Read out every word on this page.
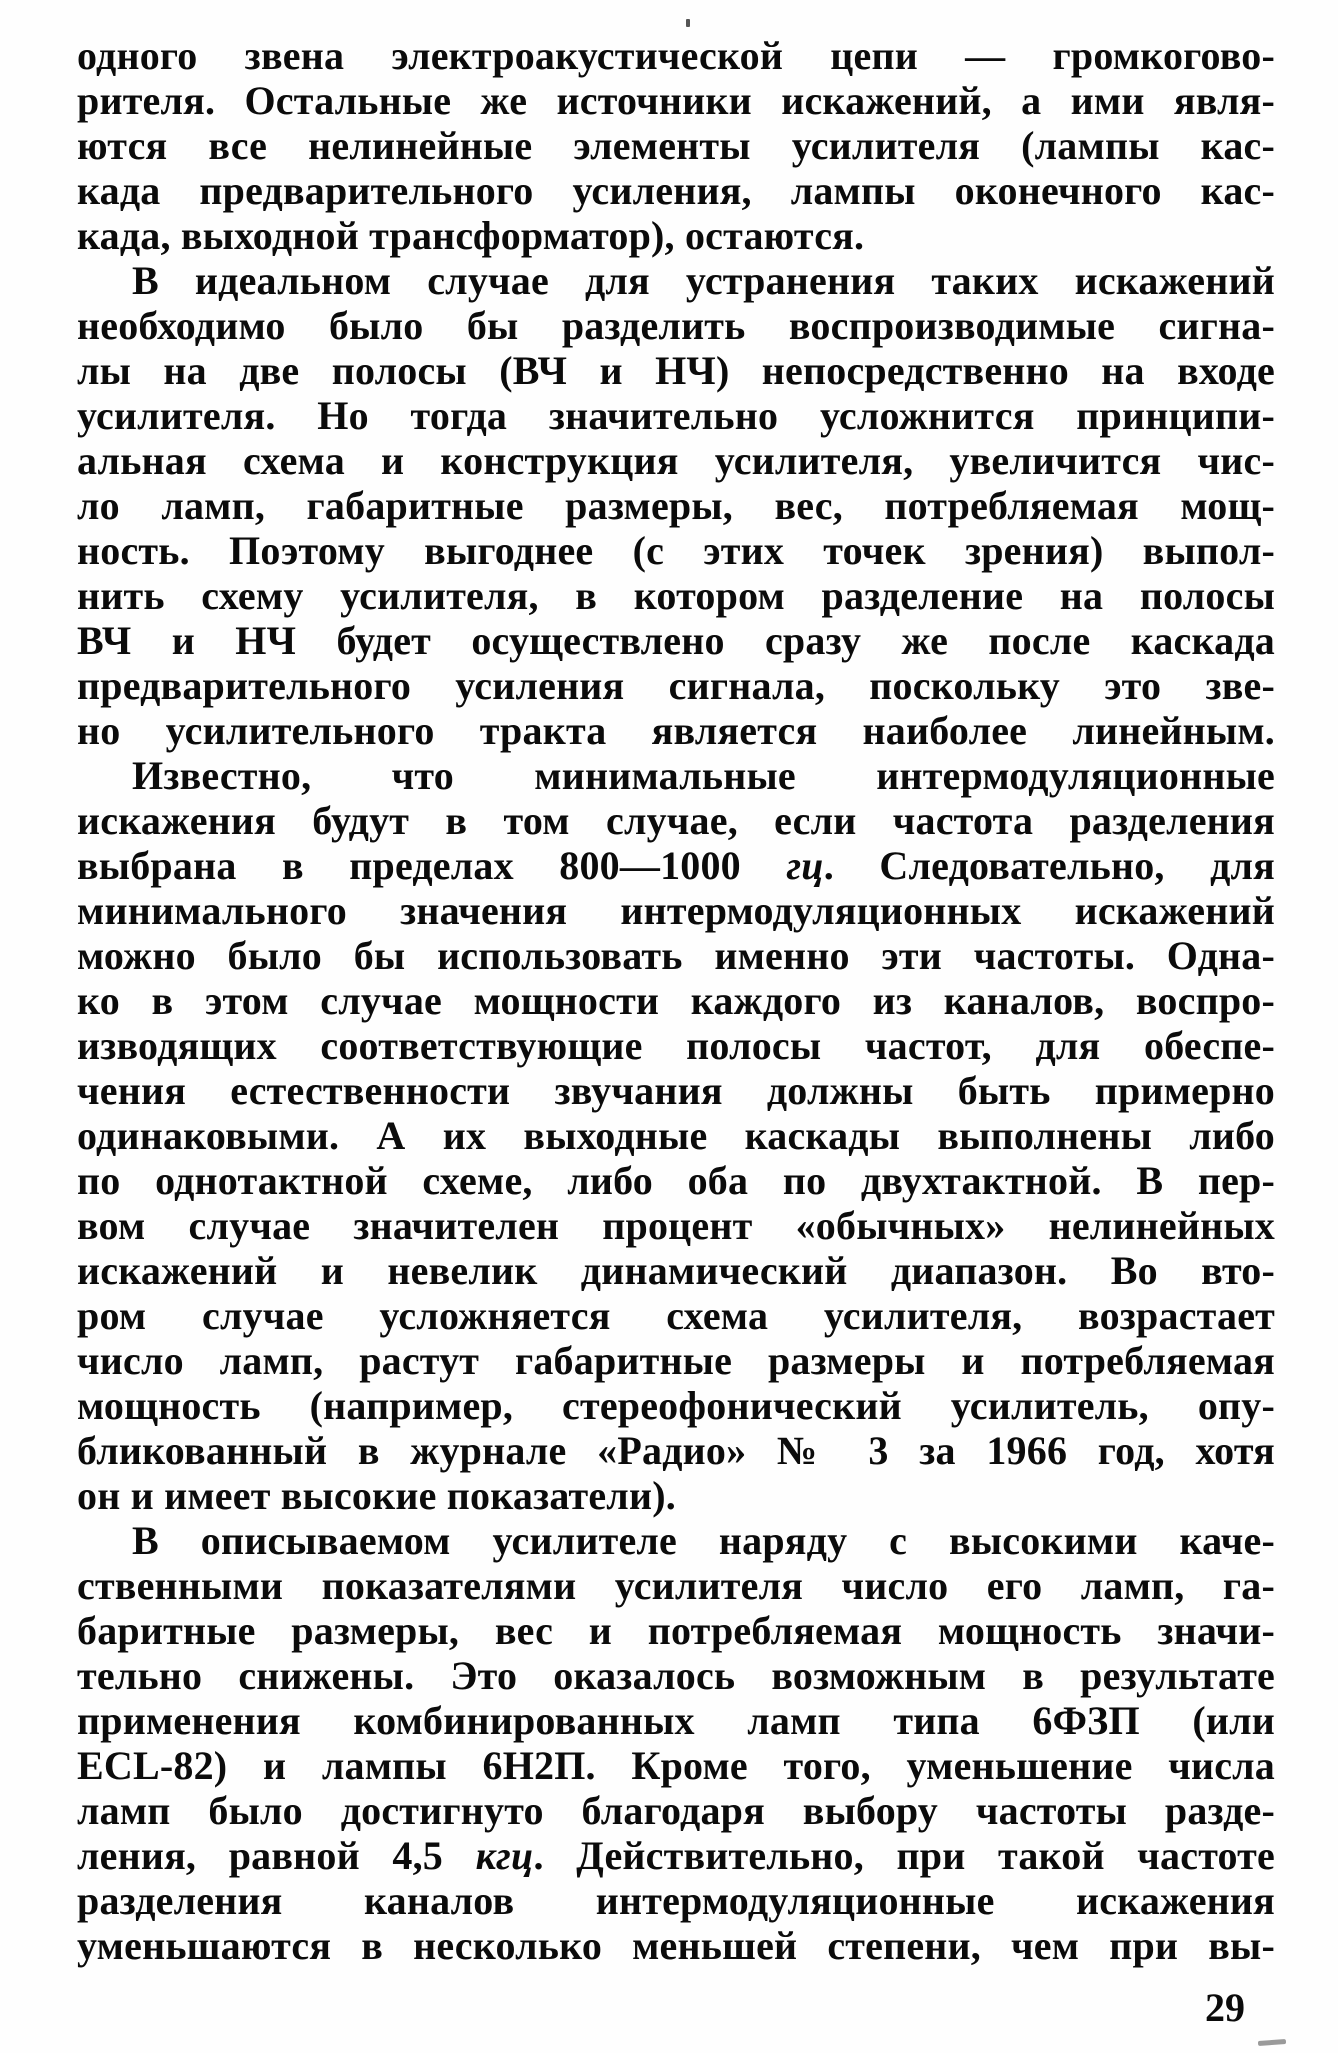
одного звена электроакустической цепи — громкогово-
рителя. Остальные же источники искажений, а ими явля-
ются все нелинейные элементы усилителя (лампы кас-
када предварительного усиления, лампы оконечного кас-
када, выходной трансформатор), остаются.
В идеальном случае для устранения таких искажений
необходимо было бы разделить воспроизводимые сигна-
лы на две полосы (ВЧ и НЧ) непосредственно на входе
усилителя. Но тогда значительно усложнится принципи-
альная схема и конструкция усилителя, увеличится чис-
ло ламп, габаритные размеры, вес, потребляемая мощ-
ность. Поэтому выгоднее (с этих точек зрения) выпол-
нить схему усилителя, в котором разделение на полосы
ВЧ и НЧ будет осуществлено сразу же после каскада
предварительного усиления сигнала, поскольку это зве-
но усилительного тракта является наиболее линейным.
Известно, что минимальные интермодуляционные
искажения будут в том случае, если частота разделения
выбрана в пределах 800—1000 гц. Следовательно, для
минимального значения интермодуляционных искажений
можно было бы использовать именно эти частоты. Одна-
ко в этом случае мощности каждого из каналов, воспро-
изводящих соответствующие полосы частот, для обеспе-
чения естественности звучания должны быть примерно
одинаковыми. А их выходные каскады выполнены либо
по однотактной схеме, либо оба по двухтактной. В пер-
вом случае значителен процент «обычных» нелинейных
искажений и невелик динамический диапазон. Во вто-
ром случае усложняется схема усилителя, возрастает
число ламп, растут габаритные размеры и потребляемая
мощность (например, стереофонический усилитель, опу-
бликованный в журнале «Радио» № 3 за 1966 год, хотя
он и имеет высокие показатели).
В описываемом усилителе наряду с высокими каче-
ственными показателями усилителя число его ламп, га-
баритные размеры, вес и потребляемая мощность значи-
тельно снижены. Это оказалось возможным в результате
применения комбинированных ламп типа 6ФЗП (или
ECL-82) и лампы 6Н2П. Кроме того, уменьшение числа
ламп было достигнуто благодаря выбору частоты разде-
ления, равной 4,5 кгц. Действительно, при такой частоте
разделения каналов интермодуляционные искажения
уменьшаются в несколько меньшей степени, чем при вы-
29
